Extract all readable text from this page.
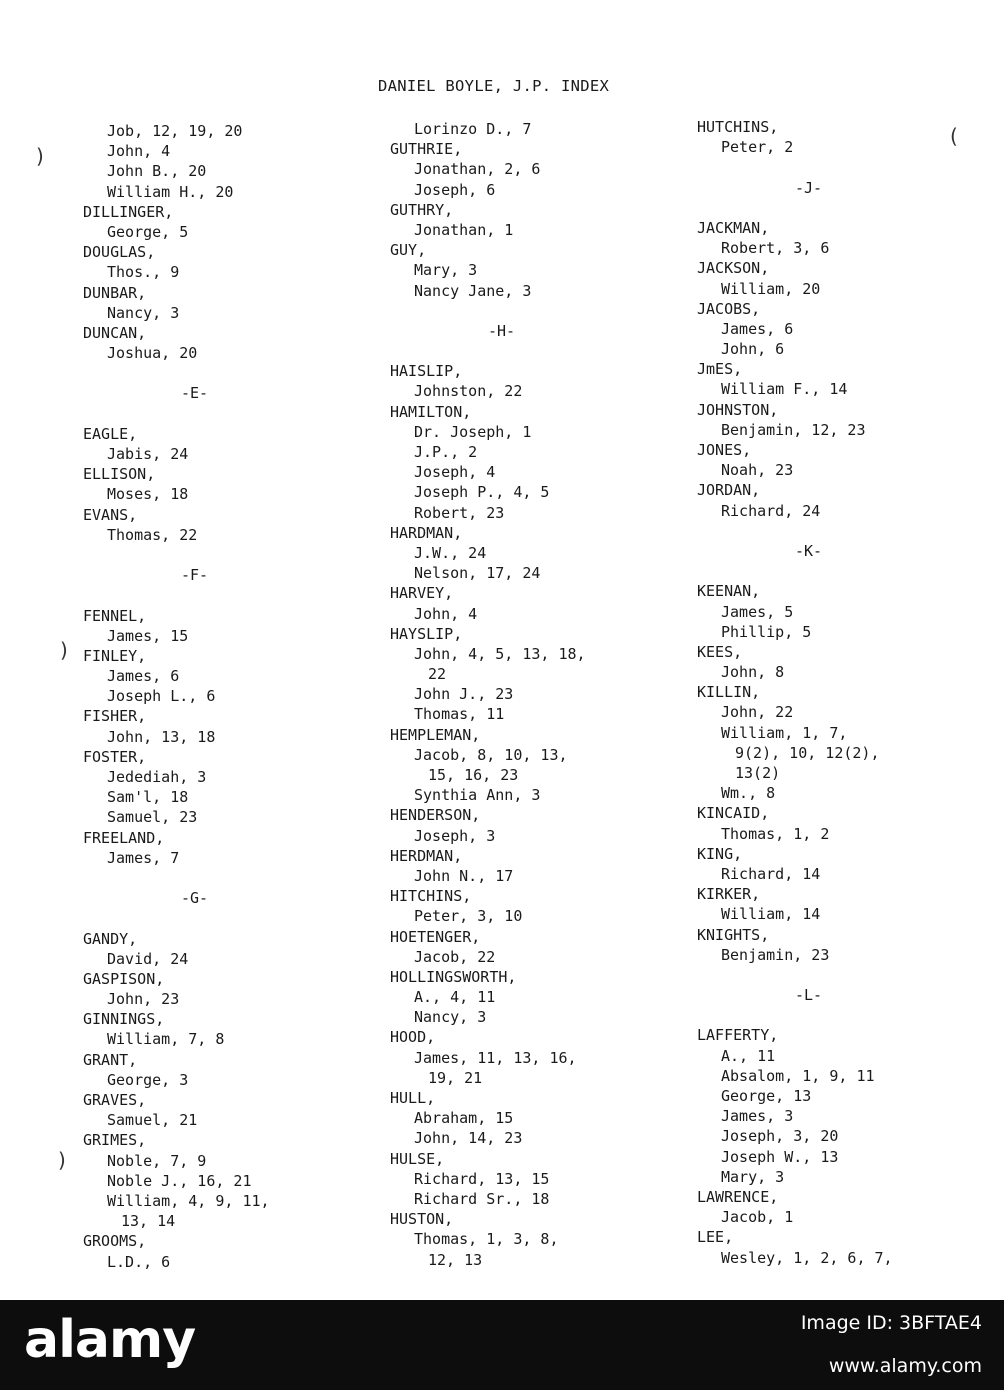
DANIEL BOYLE, J.P. INDEX
Job, 12, 19, 20
John, 4
John B., 20
William H., 20
DILLINGER,
George, 5
DOUGLAS,
Thos., 9
DUNBAR,
Nancy, 3
DUNCAN,
Joshua, 20
-E-
EAGLE,
Jabis, 24
ELLISON,
Moses, 18
EVANS,
Thomas, 22
-F-
FENNEL,
James, 15
FINLEY,
James, 6
Joseph L., 6
FISHER,
John, 13, 18
FOSTER,
Jedediah, 3
Sam'l, 18
Samuel, 23
FREELAND,
James, 7
-G-
GANDY,
David, 24
GASPISON,
John, 23
GINNINGS,
William, 7, 8
GRANT,
George, 3
GRAVES,
Samuel, 21
GRIMES,
Noble, 7, 9
Noble J., 16, 21
William, 4, 9, 11,
13, 14
GROOMS,
L.D., 6
Lorinzo D., 7
GUTHRIE,
Jonathan, 2, 6
Joseph, 6
GUTHRY,
Jonathan, 1
GUY,
Mary, 3
Nancy Jane, 3
-H-
HAISLIP,
Johnston, 22
HAMILTON,
Dr. Joseph, 1
J.P., 2
Joseph, 4
Joseph P., 4, 5
Robert, 23
HARDMAN,
J.W., 24
Nelson, 17, 24
HARVEY,
John, 4
HAYSLIP,
John, 4, 5, 13, 18,
22
John J., 23
Thomas, 11
HEMPLEMAN,
Jacob, 8, 10, 13,
15, 16, 23
Synthia Ann, 3
HENDERSON,
Joseph, 3
HERDMAN,
John N., 17
HITCHINS,
Peter, 3, 10
HOETENGER,
Jacob, 22
HOLLINGSWORTH,
A., 4, 11
Nancy, 3
HOOD,
James, 11, 13, 16,
19, 21
HULL,
Abraham, 15
John, 14, 23
HULSE,
Richard, 13, 15
Richard Sr., 18
HUSTON,
Thomas, 1, 3, 8,
12, 13
HUTCHINS,
Peter, 2
-J-
JACKMAN,
Robert, 3, 6
JACKSON,
William, 20
JACOBS,
James, 6
John, 6
JmES,
William F., 14
JOHNSTON,
Benjamin, 12, 23
JONES,
Noah, 23
JORDAN,
Richard, 24
-K-
KEENAN,
James, 5
Phillip, 5
KEES,
John, 8
KILLIN,
John, 22
William, 1, 7,
9(2), 10, 12(2),
13(2)
Wm., 8
KINCAID,
Thomas, 1, 2
KING,
Richard, 14
KIRKER,
William, 14
KNIGHTS,
Benjamin, 23
-L-
LAFFERTY,
A., 11
Absalom, 1, 9, 11
George, 13
James, 3
Joseph, 3, 20
Joseph W., 13
Mary, 3
LAWRENCE,
Jacob, 1
LEE,
Wesley, 1, 2, 6, 7,
)
)
)
(
alamy	Image ID: 3BFTAE4
www.alamy.com
